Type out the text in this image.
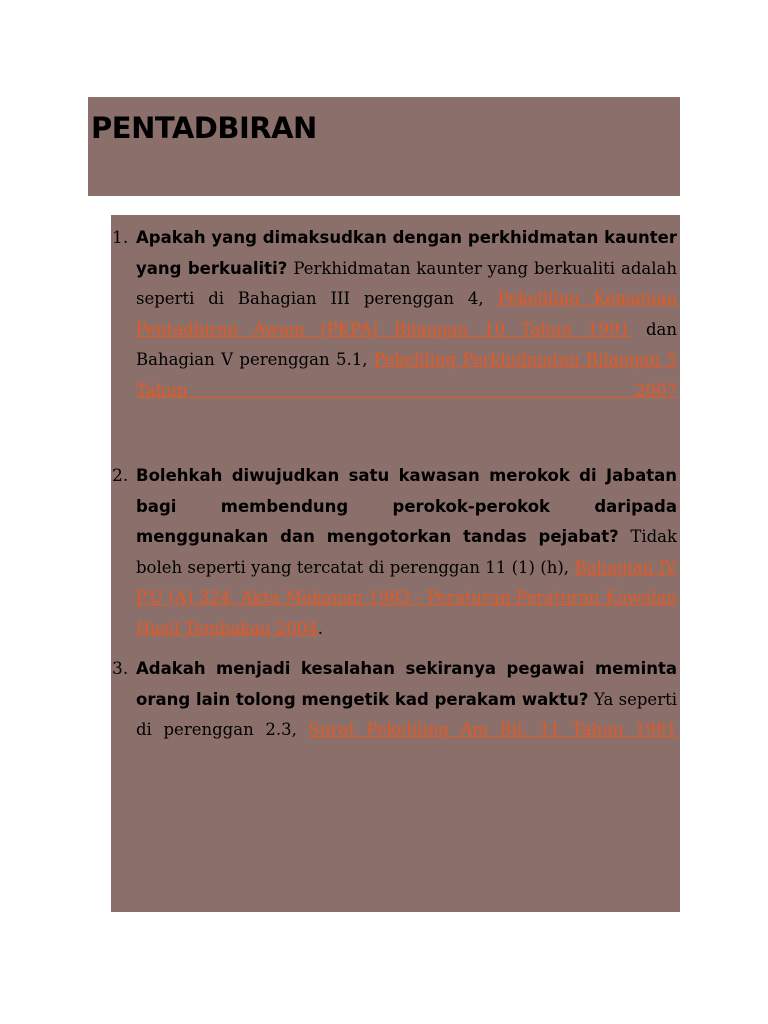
PENTADBIRAN
1. Apakah yang dimaksudkan dengan perkhidmatan kaunter yang berkualiti? Perkhidmatan kaunter yang berkualiti adalah seperti di Bahagian III perenggan 4, Pekeliling Kemajuan Pentadbiran Awam (PKPA) Bilangan 10 Tahun 1991 dan Bahagian V perenggan 5.1, Pekeliling Perkhidmatan Bilangan 5 Tahun 2007
2. Bolehkah diwujudkan satu kawasan merokok di Jabatan bagi membendung perokok-perokok daripada menggunakan dan mengotorkan tandas pejabat? Tidak boleh seperti yang tercatat di perenggan 11 (1) (h), Bahagian IV P.U (A) 324, Akta Makanan 1983 - Peraturan-Peraturan Kawalan Hasil Tembakau 2004.
3. Adakah menjadi kesalahan sekiranya pegawai meminta orang lain tolong mengetik kad perakam waktu? Ya seperti di perenggan 2.3, Surat Pekeliling Am Bil. 11 Tahun 1981
